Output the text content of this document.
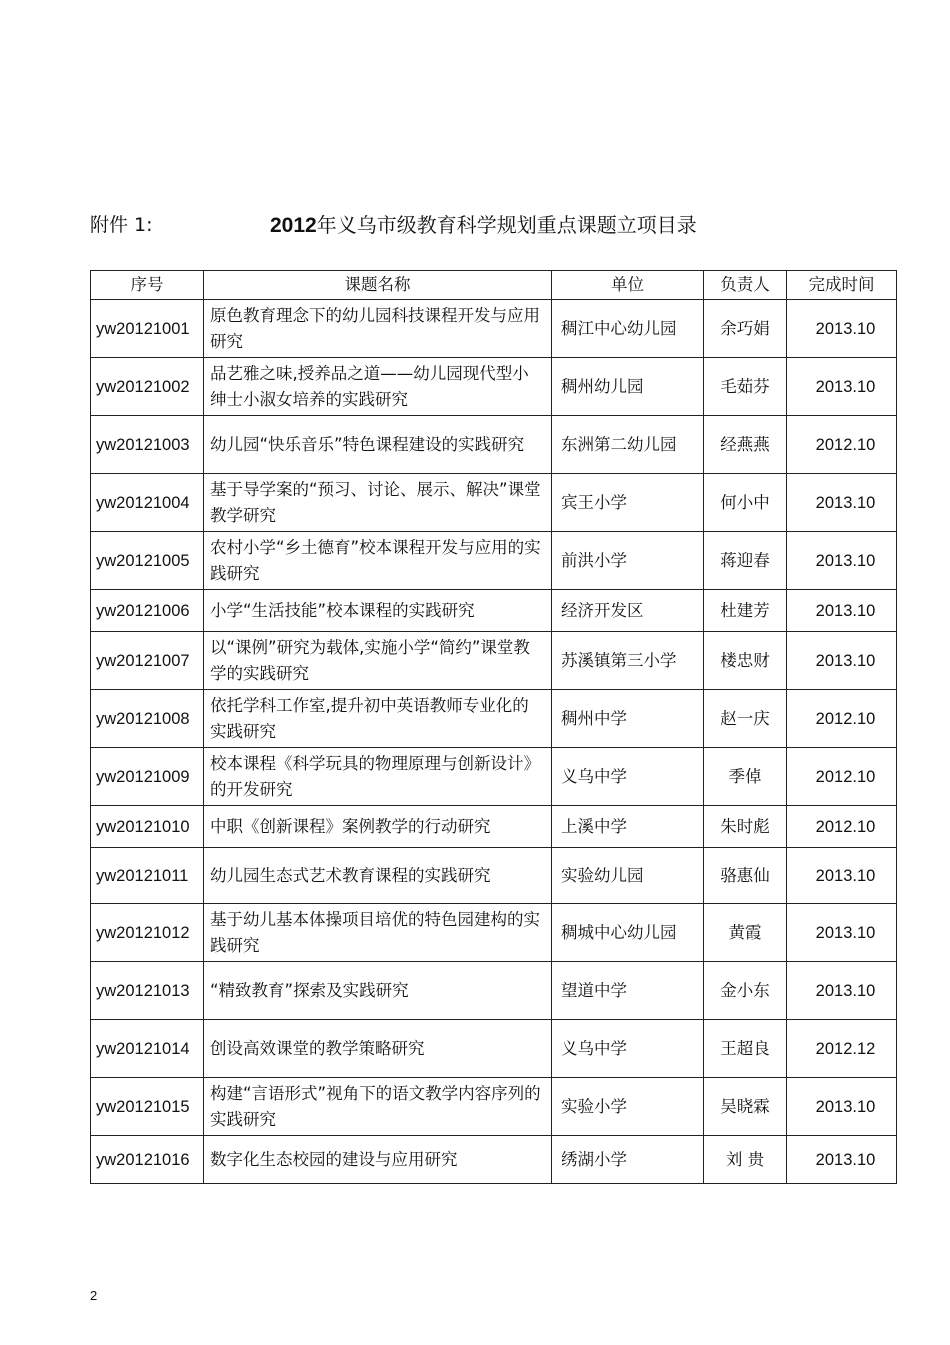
附件 1:	2012年义乌市级教育科学规划重点课题立项目录
序号	课题名称	单位	负责人	完成时间
yw20121001	原色教育理念下的幼儿园科技课程开发与应用研究	稠江中心幼儿园	余巧娟	2013.10
yw20121002	品艺雅之味,授养品之道——幼儿园现代型小绅士小淑女培养的实践研究	稠州幼儿园	毛茹芬	2013.10
yw20121003	幼儿园“快乐音乐”特色课程建设的实践研究	东洲第二幼儿园	经燕燕	2012.10
yw20121004	基于导学案的“预习、讨论、展示、解决”课堂教学研究	宾王小学	何小中	2013.10
yw20121005	农村小学“乡土德育”校本课程开发与应用的实践研究	前洪小学	蒋迎春	2013.10
yw20121006	小学“生活技能”校本课程的实践研究	经济开发区	杜建芳	2013.10
yw20121007	以“课例”研究为载体,实施小学“简约”课堂教学的实践研究	苏溪镇第三小学	楼忠财	2013.10
yw20121008	依托学科工作室,提升初中英语教师专业化的实践研究	稠州中学	赵一庆	2012.10
yw20121009	校本课程《科学玩具的物理原理与创新设计》的开发研究	义乌中学	季倬	2012.10
yw20121010	中职《创新课程》案例教学的行动研究	上溪中学	朱时彪	2012.10
yw20121011	幼儿园生态式艺术教育课程的实践研究	实验幼儿园	骆惠仙	2013.10
yw20121012	基于幼儿基本体操项目培优的特色园建构的实践研究	稠城中心幼儿园	黄霞	2013.10
yw20121013	“精致教育”探索及实践研究	望道中学	金小东	2013.10
yw20121014	创设高效课堂的教学策略研究	义乌中学	王超良	2012.12
yw20121015	构建“言语形式”视角下的语文教学内容序列的实践研究	实验小学	吴晓霖	2013.10
yw20121016	数字化生态校园的建设与应用研究	绣湖小学	刘 贵	2013.10
2
